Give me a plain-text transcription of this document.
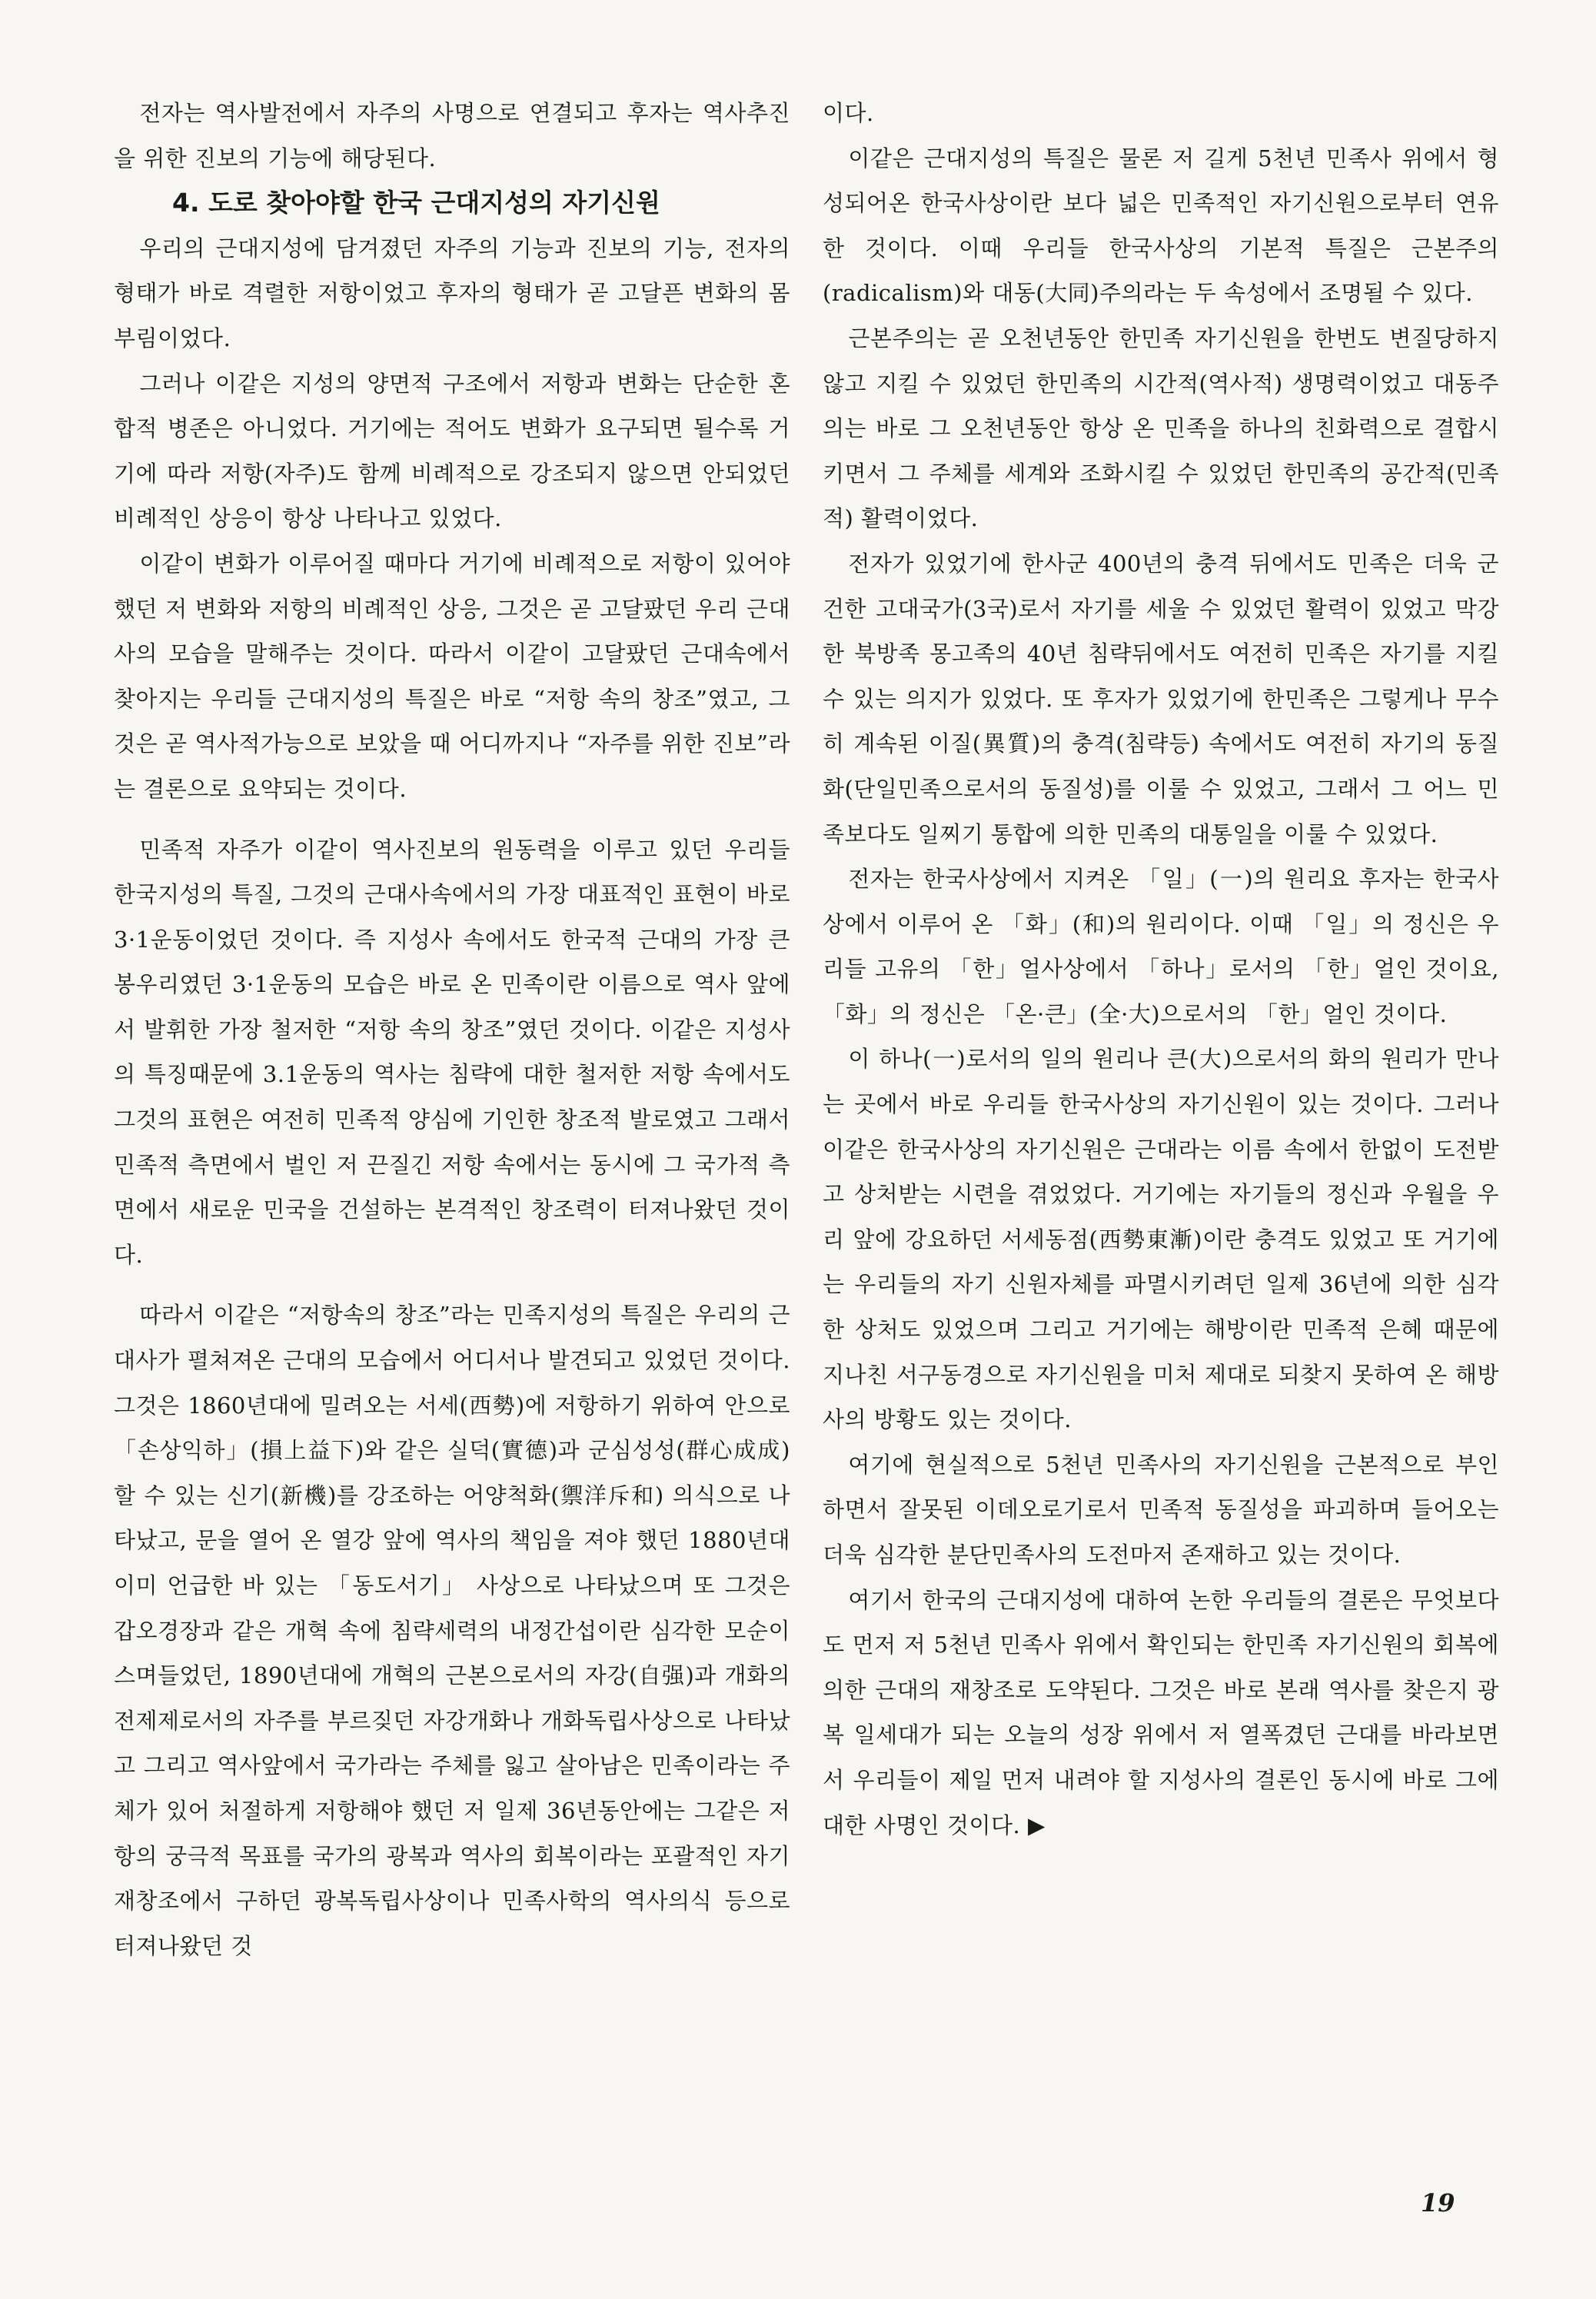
전자는 역사발전에서 자주의 사명으로 연결되고 후자는 역사추진을 위한 진보의 기능에 해당된다.

4. 도로 찾아야할 한국 근대지성의 자기신원

우리의 근대지성에 담겨졌던 자주의 기능과 진보의 기능, 전자의 형태가 바로 격렬한 저항이었고 후자의 형태가 곧 고달픈 변화의 몸부림이었다.

그러나 이같은 지성의 양면적 구조에서 저항과 변화는 단순한 혼합적 병존은 아니었다. 거기에는 적어도 변화가 요구되면 될수록 거기에 따라 저항(자주)도 함께 비례적으로 강조되지 않으면 안되었던 비례적인 상응이 항상 나타나고 있었다.

이같이 변화가 이루어질 때마다 거기에 비례적으로 저항이 있어야 했던 저 변화와 저항의 비례적인 상응, 그것은 곧 고달팠던 우리 근대사의 모습을 말해주는 것이다. 따라서 이같이 고달팠던 근대속에서 찾아지는 우리들 근대지성의 특질은 바로 “저항 속의 창조”였고, 그것은 곧 역사적가능으로 보았을 때 어디까지나 “자주를 위한 진보”라는 결론으로 요약되는 것이다.

민족적 자주가 이같이 역사진보의 원동력을 이루고 있던 우리들 한국지성의 특질, 그것의 근대사속에서의 가장 대표적인 표현이 바로 3·1운동이었던 것이다. 즉 지성사 속에서도 한국적 근대의 가장 큰 봉우리였던 3·1운동의 모습은 바로 온 민족이란 이름으로 역사 앞에서 발휘한 가장 철저한 “저항 속의 창조”였던 것이다. 이같은 지성사의 특징때문에 3.1운동의 역사는 침략에 대한 철저한 저항 속에서도 그것의 표현은 여전히 민족적 양심에 기인한 창조적 발로였고 그래서 민족적 측면에서 벌인 저 끈질긴 저항 속에서는 동시에 그 국가적 측면에서 새로운 민국을 건설하는 본격적인 창조력이 터져나왔던 것이다.

따라서 이같은 “저항속의 창조”라는 민족지성의 특질은 우리의 근대사가 펼쳐져온 근대의 모습에서 어디서나 발견되고 있었던 것이다. 그것은 1860년대에 밀려오는 서세(西勢)에 저항하기 위하여 안으로 「손상익하」(損上益下)와 같은 실덕(實德)과 군심성성(群心成成)할 수 있는 신기(新機)를 강조하는 어양척화(禦洋斥和) 의식으로 나타났고, 문을 열어 온 열강 앞에 역사의 책임을 져야 했던 1880년대 이미 언급한 바 있는 「동도서기」 사상으로 나타났으며 또 그것은 갑오경장과 같은 개혁 속에 침략세력의 내정간섭이란 심각한 모순이 스며들었던, 1890년대에 개혁의 근본으로서의 자강(自强)과 개화의 전제제로서의 자주를 부르짖던 자강개화나 개화독립사상으로 나타났고 그리고 역사앞에서 국가라는 주체를 잃고 살아남은 민족이라는 주체가 있어 처절하게 저항해야 했던 저 일제 36년동안에는 그같은 저항의 궁극적 목표를 국가의 광복과 역사의 회복이라는 포괄적인 자기재창조에서 구하던 광복독립사상이나 민족사학의 역사의식 등으로 터져나왔던 것

이다.

이같은 근대지성의 특질은 물론 저 길게 5천년 민족사 위에서 형성되어온 한국사상이란 보다 넓은 민족적인 자기신원으로부터 연유한 것이다. 이때 우리들 한국사상의 기본적 특질은 근본주의(radicalism)와 대동(大同)주의라는 두 속성에서 조명될 수 있다.

근본주의는 곧 오천년동안 한민족 자기신원을 한번도 변질당하지 않고 지킬 수 있었던 한민족의 시간적(역사적) 생명력이었고 대동주의는 바로 그 오천년동안 항상 온 민족을 하나의 친화력으로 결합시키면서 그 주체를 세계와 조화시킬 수 있었던 한민족의 공간적(민족적) 활력이었다.

전자가 있었기에 한사군 400년의 충격 뒤에서도 민족은 더욱 군건한 고대국가(3국)로서 자기를 세울 수 있었던 활력이 있었고 막강한 북방족 몽고족의 40년 침략뒤에서도 여전히 민족은 자기를 지킬 수 있는 의지가 있었다. 또 후자가 있었기에 한민족은 그렇게나 무수히 계속된 이질(異質)의 충격(침략등) 속에서도 여전히 자기의 동질화(단일민족으로서의 동질성)를 이룰 수 있었고, 그래서 그 어느 민족보다도 일찌기 통합에 의한 민족의 대통일을 이룰 수 있었다.

전자는 한국사상에서 지켜온 「일」(一)의 원리요 후자는 한국사상에서 이루어 온 「화」(和)의 원리이다. 이때 「일」의 정신은 우리들 고유의 「한」얼사상에서 「하나」로서의 「한」얼인 것이요, 「화」의 정신은 「온·큰」(全·大)으로서의 「한」얼인 것이다.

이 하나(一)로서의 일의 원리나 큰(大)으로서의 화의 원리가 만나는 곳에서 바로 우리들 한국사상의 자기신원이 있는 것이다. 그러나 이같은 한국사상의 자기신원은 근대라는 이름 속에서 한없이 도전받고 상처받는 시련을 겪었었다. 거기에는 자기들의 정신과 우월을 우리 앞에 강요하던 서세동점(西勢東漸)이란 충격도 있었고 또 거기에는 우리들의 자기 신원자체를 파멸시키려던 일제 36년에 의한 심각한 상처도 있었으며 그리고 거기에는 해방이란 민족적 은혜 때문에 지나친 서구동경으로 자기신원을 미처 제대로 되찾지 못하여 온 해방사의 방황도 있는 것이다.

여기에 현실적으로 5천년 민족사의 자기신원을 근본적으로 부인하면서 잘못된 이데오로기로서 민족적 동질성을 파괴하며 들어오는 더욱 심각한 분단민족사의 도전마저 존재하고 있는 것이다.

여기서 한국의 근대지성에 대하여 논한 우리들의 결론은 무엇보다도 먼저 저 5천년 민족사 위에서 확인되는 한민족 자기신원의 회복에 의한 근대의 재창조로 도약된다. 그것은 바로 본래 역사를 찾은지 광복 일세대가 되는 오늘의 성장 위에서 저 열폭겼던 근대를 바라보면서 우리들이 제일 먼저 내려야 할 지성사의 결론인 동시에 바로 그에 대한 사명인 것이다. ▶

19
